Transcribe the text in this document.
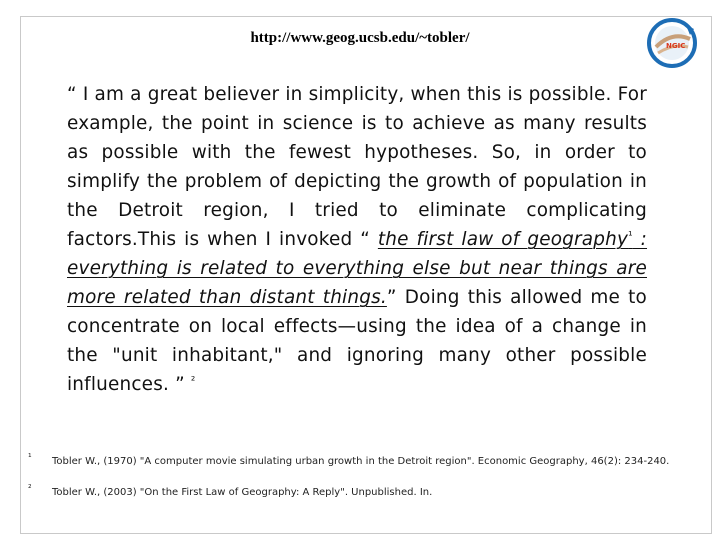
http://www.geog.ucsb.edu/~tobler/	NGIC
“ I am a great believer in simplicity, when this is possible. For example, the point in science is to achieve as many results as possible with the fewest hypotheses. So, in order to simplify the problem of depicting the growth of population in the Detroit region, I tried to eliminate complicating factors.This is when I invoked “ the first law of geography$^{^1}$ : everything is related to everything else but near things are more related than distant things.” Doing this allowed me to concentrate on local effects—using the idea of a change in the "unit inhabitant," and ignoring many other possible influences. ” $^{^2}$
¹	Tobler W., (1970) "A computer movie simulating urban growth in the Detroit region". Economic Geography, 46(2): 234-240.
²	Tobler W., (2003) "On the First Law of Geography: A Reply". Unpublished. In.
